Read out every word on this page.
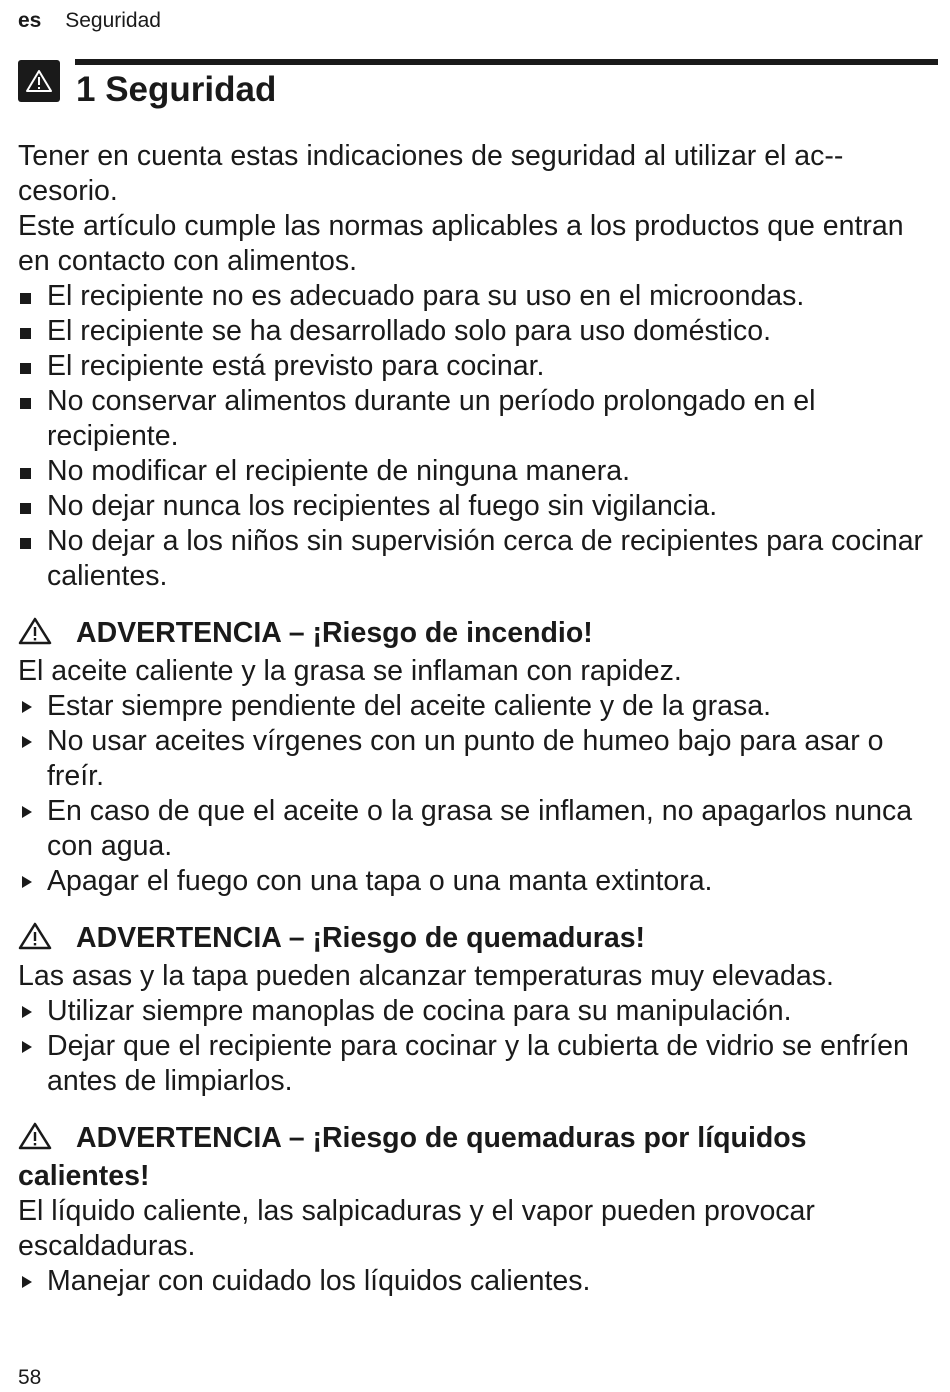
es Seguridad
1 Seguridad

Tener en cuenta estas indicaciones de seguridad al utilizar el ac-cesorio.

Este artículo cumple las normas aplicables a los productos que entran en contacto con alimentos.

El recipiente no es adecuado para su uso en el microondas.
El recipiente se ha desarrollado solo para uso doméstico.
El recipiente está previsto para cocinar.
No conservar alimentos durante un período prolongado en el recipiente.
No modificar el recipiente de ninguna manera.
No dejar nunca los recipientes al fuego sin vigilancia.
No dejar a los niños sin supervisión cerca de recipientes para cocinar calientes.
ADVERTENCIA – ¡Riesgo de incendio!

El aceite caliente y la grasa se inflaman con rapidez.

Estar siempre pendiente del aceite caliente y de la grasa.
No usar aceites vírgenes con un punto de humeo bajo para asar o freír.
En caso de que el aceite o la grasa se inflamen, no apagarlos nunca con agua.
Apagar el fuego con una tapa o una manta extintora.
ADVERTENCIA – ¡Riesgo de quemaduras!

Las asas y la tapa pueden alcanzar temperaturas muy elevadas.

Utilizar siempre manoplas de cocina para su manipulación.
Dejar que el recipiente para cocinar y la cubierta de vidrio se enfríen antes de limpiarlos.
ADVERTENCIA – ¡Riesgo de quemaduras por líquidos calientes!

El líquido caliente, las salpicaduras y el vapor pueden provocar escaldaduras.

Manejar con cuidado los líquidos calientes.
58
